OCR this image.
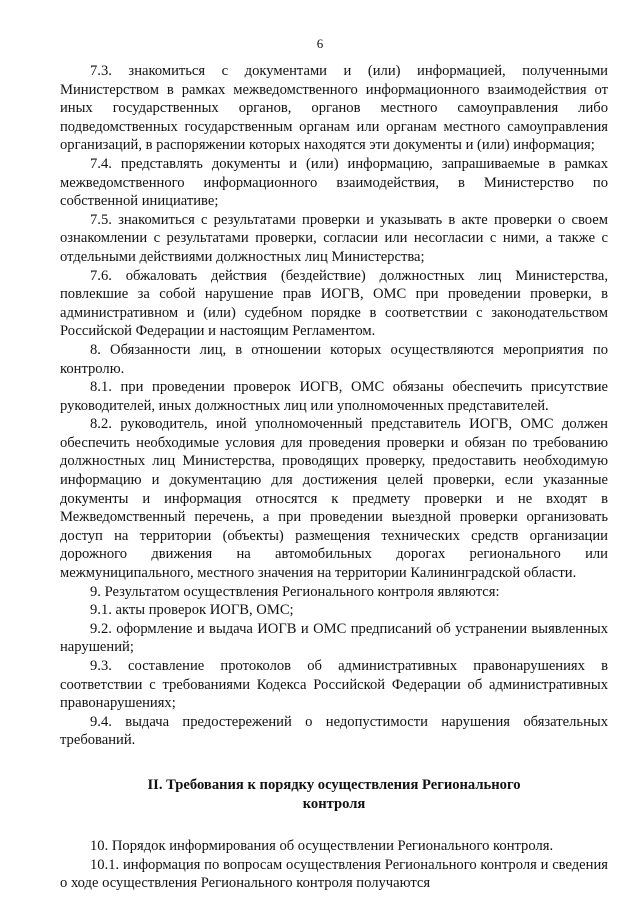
6

7.3. знакомиться с документами и (или) информацией, полученными Министерством в рамках межведомственного информационного взаимодействия от иных государственных органов, органов местного самоуправления либо подведомственных государственным органам или органам местного самоуправления организаций, в распоряжении которых находятся эти документы и (или) информация;

7.4. представлять документы и (или) информацию, запрашиваемые в рамках межведомственного информационного взаимодействия, в Министерство по собственной инициативе;

7.5. знакомиться с результатами проверки и указывать в акте проверки о своем ознакомлении с результатами проверки, согласии или несогласии с ними, а также с отдельными действиями должностных лиц Министерства;

7.6. обжаловать действия (бездействие) должностных лиц Министерства, повлекшие за собой нарушение прав ИОГВ, ОМС при проведении проверки, в административном и (или) судебном порядке в соответствии с законодательством Российской Федерации и настоящим Регламентом.

8. Обязанности лиц, в отношении которых осуществляются мероприятия по контролю.

8.1. при проведении проверок ИОГВ, ОМС обязаны обеспечить присутствие руководителей, иных должностных лиц или уполномоченных представителей.

8.2. руководитель, иной уполномоченный представитель ИОГВ, ОМС должен обеспечить необходимые условия для проведения проверки и обязан по требованию должностных лиц Министерства, проводящих проверку, предоставить необходимую информацию и документацию для достижения целей проверки, если указанные документы и информация относятся к предмету проверки и не входят в Межведомственный перечень, а при проведении выездной проверки организовать доступ на территории (объекты) размещения технических средств организации дорожного движения на автомобильных дорогах регионального или межмуниципального, местного значения на территории Калининградской области.

9. Результатом осуществления Регионального контроля являются:

9.1. акты проверок ИОГВ, ОМС;

9.2. оформление и выдача ИОГВ и ОМС предписаний об устранении выявленных нарушений;

9.3. составление протоколов об административных правонарушениях в соответствии с требованиями Кодекса Российской Федерации об административных правонарушениях;

9.4. выдача предостережений о недопустимости нарушения обязательных требований.

II. Требования к порядку осуществления Регионального
контроля

10. Порядок информирования об осуществлении Регионального контроля.

10.1. информация по вопросам осуществления Регионального контроля и сведения о ходе осуществления Регионального контроля получаются
